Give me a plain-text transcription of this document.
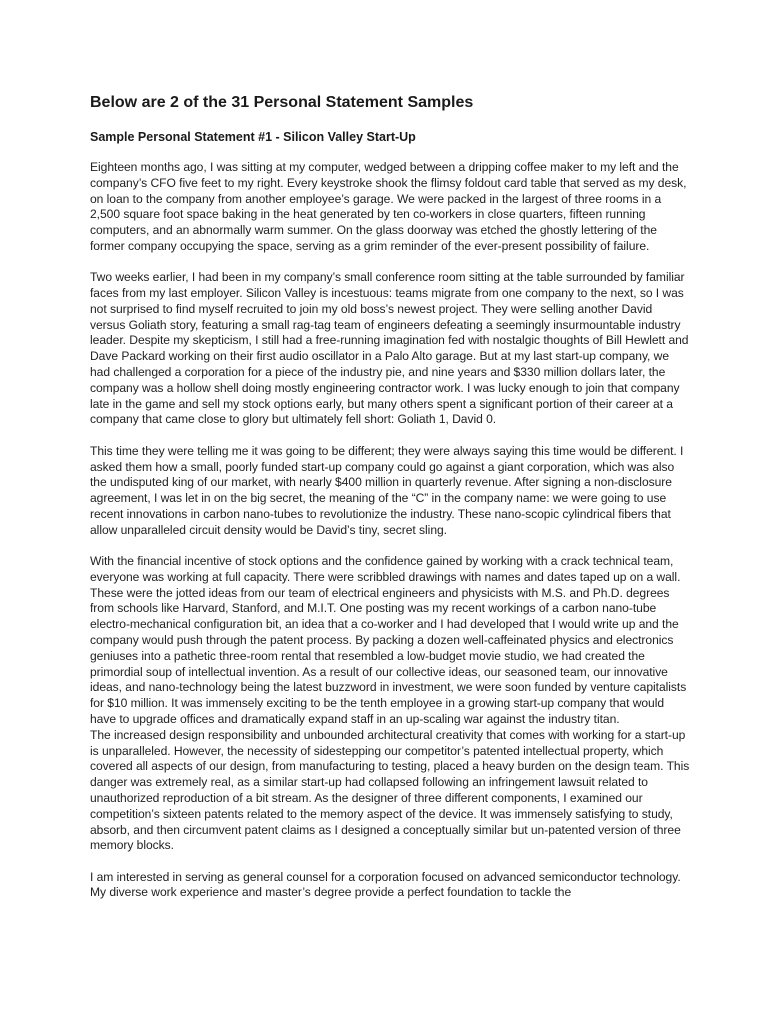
Below are 2 of the 31 Personal Statement Samples
Sample Personal Statement #1 - Silicon Valley Start-Up

Eighteen months ago, I was sitting at my computer, wedged between a dripping coffee maker to my left and the company’s CFO five feet to my right. Every keystroke shook the flimsy foldout card table that served as my desk, on loan to the company from another employee’s garage. We were packed in the largest of three rooms in a 2,500 square foot space baking in the heat generated by ten co-workers in close quarters, fifteen running computers, and an abnormally warm summer. On the glass doorway was etched the ghostly lettering of the former company occupying the space, serving as a grim reminder of the ever-present possibility of failure.

Two weeks earlier, I had been in my company’s small conference room sitting at the table surrounded by familiar faces from my last employer. Silicon Valley is incestuous: teams migrate from one company to the next, so I was not surprised to find myself recruited to join my old boss’s newest project. They were selling another David versus Goliath story, featuring a small rag-tag team of engineers defeating a seemingly insurmountable industry leader. Despite my skepticism, I still had a free-running imagination fed with nostalgic thoughts of Bill Hewlett and Dave Packard working on their first audio oscillator in a Palo Alto garage. But at my last start-up company, we had challenged a corporation for a piece of the industry pie, and nine years and $330 million dollars later, the company was a hollow shell doing mostly engineering contractor work. I was lucky enough to join that company late in the game and sell my stock options early, but many others spent a significant portion of their career at a company that came close to glory but ultimately fell short: Goliath 1, David 0.

This time they were telling me it was going to be different; they were always saying this time would be different. I asked them how a small, poorly funded start-up company could go against a giant corporation, which was also the undisputed king of our market, with nearly $400 million in quarterly revenue. After signing a non-disclosure agreement, I was let in on the big secret, the meaning of the “C” in the company name: we were going to use recent innovations in carbon nano-tubes to revolutionize the industry. These nano-scopic cylindrical fibers that allow unparalleled circuit density would be David’s tiny, secret sling.

With the financial incentive of stock options and the confidence gained by working with a crack technical team, everyone was working at full capacity. There were scribbled drawings with names and dates taped up on a wall. These were the jotted ideas from our team of electrical engineers and physicists with M.S. and Ph.D. degrees from schools like Harvard, Stanford, and M.I.T. One posting was my recent workings of a carbon nano-tube electro-mechanical configuration bit, an idea that a co-worker and I had developed that I would write up and the company would push through the patent process. By packing a dozen well-caffeinated physics and electronics geniuses into a pathetic three-room rental that resembled a low-budget movie studio, we had created the primordial soup of intellectual invention. As a result of our collective ideas, our seasoned team, our innovative ideas, and nano-technology being the latest buzzword in investment, we were soon funded by venture capitalists for $10 million. It was immensely exciting to be the tenth employee in a growing start-up company that would have to upgrade offices and dramatically expand staff in an up-scaling war against the industry titan.

The increased design responsibility and unbounded architectural creativity that comes with working for a start-up is unparalleled. However, the necessity of sidestepping our competitor’s patented intellectual property, which covered all aspects of our design, from manufacturing to testing, placed a heavy burden on the design team. This danger was extremely real, as a similar start-up had collapsed following an infringement lawsuit related to unauthorized reproduction of a bit stream. As the designer of three different components, I examined our competition’s sixteen patents related to the memory aspect of the device. It was immensely satisfying to study, absorb, and then circumvent patent claims as I designed a conceptually similar but un-patented version of three memory blocks.

I am interested in serving as general counsel for a corporation focused on advanced semiconductor technology. My diverse work experience and master’s degree provide a perfect foundation to tackle the
